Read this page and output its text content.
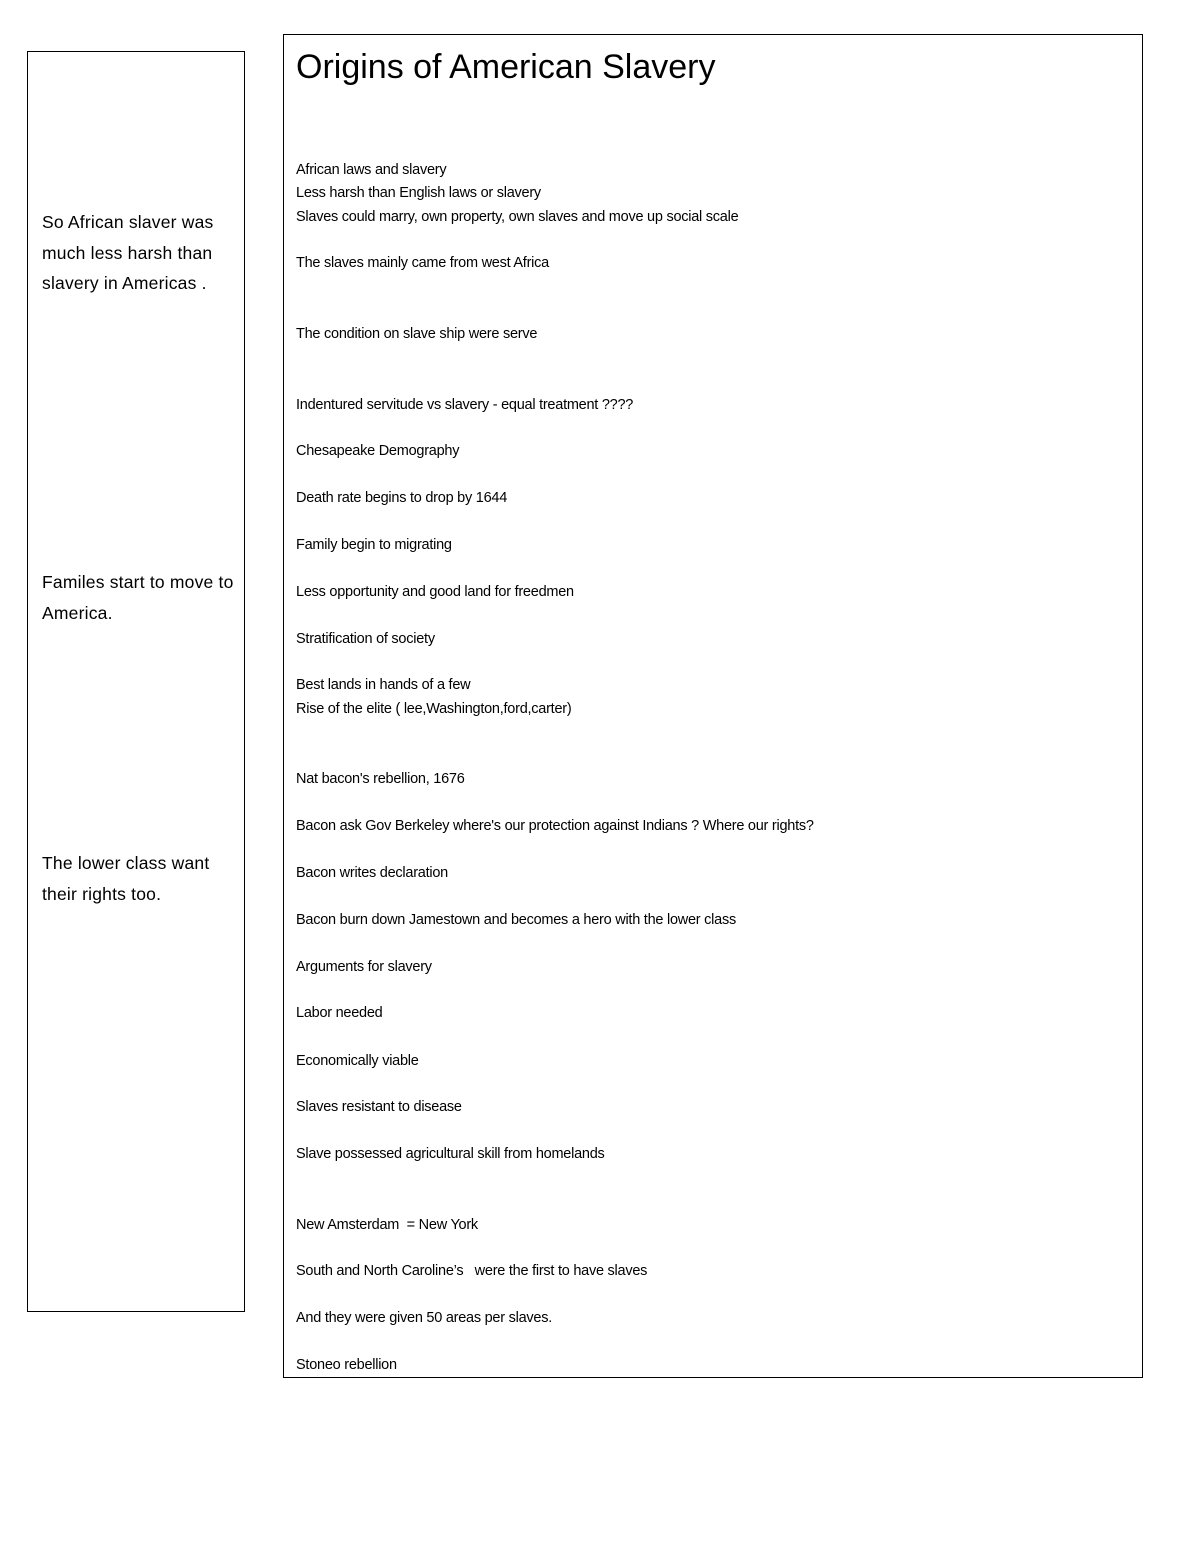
So African slaver was much less harsh than slavery in Americas .
Familes start to move to America.
The lower class want their rights too.
Origins of American Slavery
African laws and slavery
Less harsh than English laws or slavery
Slaves could marry, own property, own slaves and move up social scale
The slaves mainly came from west Africa
The condition on slave ship were serve
Indentured servitude vs slavery - equal treatment ????
Chesapeake Demography
Death rate begins to drop by 1644
Family begin to migrating
Less opportunity and good land for freedmen
Stratification of society
Best lands in hands of a few
Rise of the elite ( lee,Washington,ford,carter)
Nat bacon's rebellion, 1676
Bacon ask Gov Berkeley where's our protection against Indians ? Where our rights?
Bacon writes declaration
Bacon burn down Jamestown and becomes a hero with the lower class
Arguments for slavery
Labor needed
Economically viable
Slaves resistant to disease
Slave possessed agricultural skill from homelands
New Amsterdam  = New York
South and North Caroline’s   were the first to have slaves
And they were given 50 areas per slaves.
Stoneo rebellion
